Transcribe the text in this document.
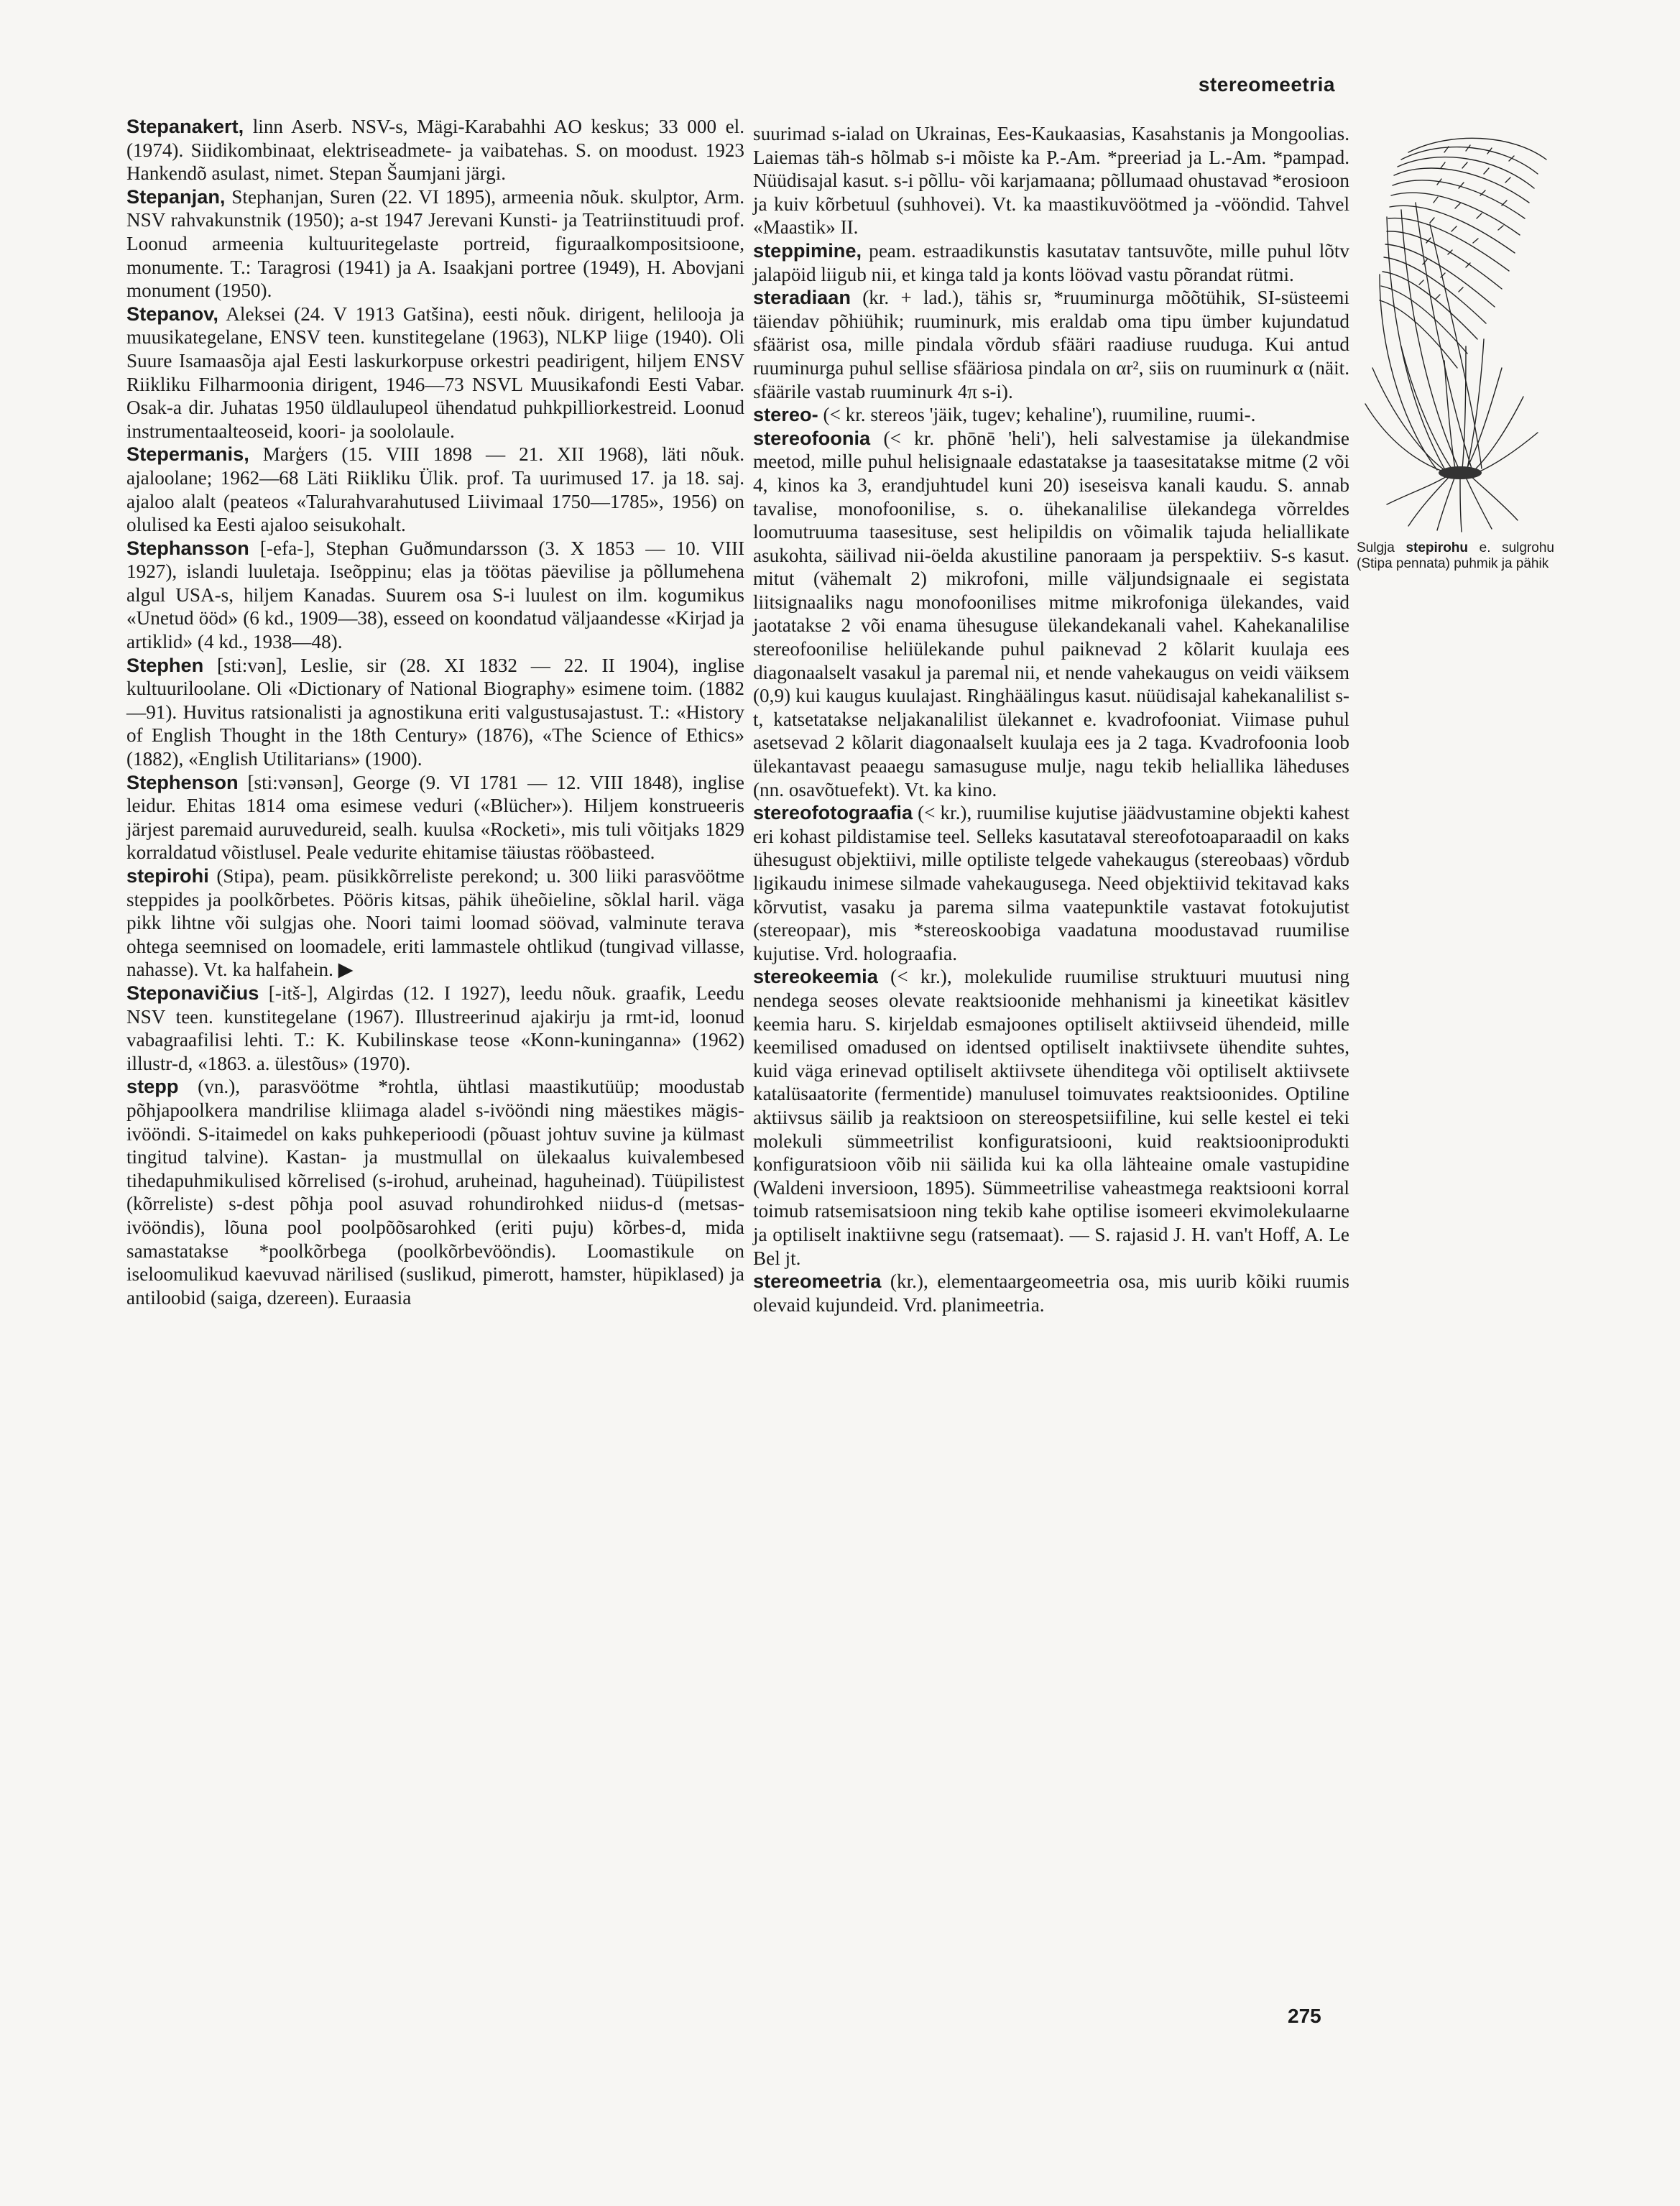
stereomeetria

Stepanakert, linn Aserb. NSV-s, Mägi-Karabahhi AO keskus; 33 000 el. (1974). Siidikombinaat, elektriseadmete- ja vaibatehas. S. on moodust. 1923 Hankendõ asulast, nimet. Stepan Šaumjani järgi.

Stepanjan, Stephanjan, Suren (22. VI 1895), armeenia nõuk. skulptor, Arm. NSV rahvakunstnik (1950); a-st 1947 Jerevani Kunsti- ja Teatriinstituudi prof. Loonud armeenia kultuuritegelaste portreid, figuraalkompositsioone, monumente. T.: Taragrosi (1941) ja A. Isaakjani portree (1949), H. Abovjani monument (1950).

Stepanov, Aleksei (24. V 1913 Gatšina), eesti nõuk. dirigent, helilooja ja muusikategelane, ENSV teen. kunstitegelane (1963), NLKP liige (1940). Oli Suure Isamaasõja ajal Eesti laskurkorpuse orkestri peadirigent, hiljem ENSV Riikliku Filharmoonia dirigent, 1946—73 NSVL Muusikafondi Eesti Vabar. Osak-a dir. Juhatas 1950 üldlaulupeol ühendatud puhkpilliorkestreid. Loonud instrumentaalteoseid, koori- ja soololaule.

Stepermanis, Marģers (15. VIII 1898 — 21. XII 1968), läti nõuk. ajaloolane; 1962—68 Läti Riikliku Ülik. prof. Ta uurimused 17. ja 18. saj. ajaloo alalt (peateos «Talurahvarahutused Liivimaal 1750—1785», 1956) on olulised ka Eesti ajaloo seisukohalt.

Stephansson [-efa-], Stephan Guðmundarsson (3. X 1853 — 10. VIII 1927), islandi luuletaja. Iseõppinu; elas ja töötas päevilise ja põllumehena algul USA-s, hiljem Kanadas. Suurem osa S-i luulest on ilm. kogumikus «Unetud ööd» (6 kd., 1909—38), esseed on koondatud väljaandesse «Kirjad ja artiklid» (4 kd., 1938—48).

Stephen [sti:vən], Leslie, sir (28. XI 1832 — 22. II 1904), inglise kultuuriloolane. Oli «Dictionary of National Biography» esimene toim. (1882—91). Huvitus ratsionalisti ja agnostikuna eriti valgustusajastust. T.: «History of English Thought in the 18th Century» (1876), «The Science of Ethics» (1882), «English Utilitarians» (1900).

Stephenson [sti:vənsən], George (9. VI 1781 — 12. VIII 1848), inglise leidur. Ehitas 1814 oma esimese veduri («Blücher»). Hiljem konstrueeris järjest paremaid auruvedureid, sealh. kuulsa «Rocketi», mis tuli võitjaks 1829 korraldatud võistlusel. Peale vedurite ehitamise täiustas rööbasteed.

stepirohi (Stipa), peam. püsikkõrreliste perekond; u. 300 liiki parasvöötme steppides ja poolkõrbetes. Pööris kitsas, pähik üheõieline, sõklal haril. väga pikk lihtne või sulgjas ohe. Noori taimi loomad söövad, valminute terava ohtega seemnised on loomadele, eriti lammastele ohtlikud (tungivad villasse, nahasse). Vt. ka halfahein. ▶

Steponavičius [-itš-], Algirdas (12. I 1927), leedu nõuk. graafik, Leedu NSV teen. kunstitegelane (1967). Illustreerinud ajakirju ja rmt-id, loonud vabagraafilisi lehti. T.: K. Kubilinskase teose «Konn-kuninganna» (1962) illustr-d, «1863. a. ülestõus» (1970).

stepp (vn.), parasvöötme *rohtla, ühtlasi maastikutüüp; moodustab põhjapoolkera mandrilise kliimaga aladel s-ivööndi ning mäestikes mägis-ivööndi. S-itaimedel on kaks puhkeperioodi (põuast johtuv suvine ja külmast tingitud talvine). Kastan- ja mustmullal on ülekaalus kuivalembesed tihedapuhmikulised kõrrelised (s-irohud, aruheinad, haguheinad). Tüüpilistest (kõrreliste) s-dest põhja pool asuvad rohundirohked niidus-d (metsas-ivööndis), lõuna pool poolpõõsarohked (eriti puju) kõrbes-d, mida samastatakse *poolkõrbega (poolkõrbevööndis). Loomastikule on iseloomulikud kaevuvad närilised (suslikud, pimerott, hamster, hüpiklased) ja antiloobid (saiga, dzereen). Euraasia

suurimad s-ialad on Ukrainas, Ees-Kaukaasias, Kasahstanis ja Mongoolias. Laiemas täh-s hõlmab s-i mõiste ka P.-Am. *preeriad ja L.-Am. *pampad. Nüüdisajal kasut. s-i põllu- või karjamaana; põllumaad ohustavad *erosioon ja kuiv kõrbetuul (suhhovei). Vt. ka maastikuvöötmed ja -vööndid. Tahvel «Maastik» II.

steppimine, peam. estraadikunstis kasutatav tantsuvõte, mille puhul lõtv jalapöid liigub nii, et kinga tald ja konts löövad vastu põrandat rütmi.

steradiaan (kr. + lad.), tähis sr, *ruuminurga mõõtühik, SI-süsteemi täiendav põhiühik; ruuminurk, mis eraldab oma tipu ümber kujundatud sfäärist osa, mille pindala võrdub sfääri raadiuse ruuduga. Kui antud ruuminurga puhul sellise sfääriosa pindala on αr², siis on ruuminurk α (näit. sfäärile vastab ruuminurk 4π s-i).

stereo- (< kr. stereos 'jäik, tugev; kehaline'), ruumiline, ruumi-.

stereofoonia (< kr. phōnē 'heli'), heli salvestamise ja ülekandmise meetod, mille puhul helisignaale edastatakse ja taasesitatakse mitme (2 või 4, kinos ka 3, erandjuhtudel kuni 20) iseseisva kanali kaudu. S. annab tavalise, monofoonilise, s. o. ühekanalilise ülekandega võrreldes loomutruuma taasesituse, sest helipildis on võimalik tajuda heliallikate asukohta, säilivad nii-öelda akustiline panoraam ja perspektiiv. S-s kasut. mitut (vähemalt 2) mikrofoni, mille väljundsignaale ei segistata liitsignaaliks nagu monofoonilises mitme mikrofoniga ülekandes, vaid jaotatakse 2 või enama ühesuguse ülekandekanali vahel. Kahekanalilise stereofoonilise heliülekande puhul paiknevad 2 kõlarit kuulaja ees diagonaalselt vasakul ja paremal nii, et nende vahekaugus on veidi väiksem (0,9) kui kaugus kuulajast. Ringhäälingus kasut. nüüdisajal kahekanalilist s-t, katsetatakse neljakanalilist ülekannet e. kvadrofooniat. Viimase puhul asetsevad 2 kõlarit diagonaalselt kuulaja ees ja 2 taga. Kvadrofoonia loob ülekantavast peaaegu samasuguse mulje, nagu tekib heliallika läheduses (nn. osavõtuefekt). Vt. ka kino.

stereofotograafia (< kr.), ruumilise kujutise jäädvustamine objekti kahest eri kohast pildistamise teel. Selleks kasutataval stereofotoaparaadil on kaks ühesugust objektiivi, mille optiliste telgede vahekaugus (stereobaas) võrdub ligikaudu inimese silmade vahekaugusega. Need objektiivid tekitavad kaks kõrvutist, vasaku ja parema silma vaatepunktile vastavat fotokujutist (stereopaar), mis *stereoskoobiga vaadatuna moodustavad ruumilise kujutise. Vrd. holograafia.

stereokeemia (< kr.), molekulide ruumilise struktuuri muutusi ning nendega seoses olevate reaktsioonide mehhanismi ja kineetikat käsitlev keemia haru. S. kirjeldab esmajoones optiliselt aktiivseid ühendeid, mille keemilised omadused on identsed optiliselt inaktiivsete ühendite suhtes, kuid väga erinevad optiliselt aktiivsete ühenditega või optiliselt aktiivsete katalüsaatorite (fermentide) manulusel toimuvates reaktsioonides. Optiline aktiivsus säilib ja reaktsioon on stereospetsiifiline, kui selle kestel ei teki molekuli sümmeetrilist konfiguratsiooni, kuid reaktsiooniprodukti konfiguratsioon võib nii säilida kui ka olla lähteaine omale vastupidine (Waldeni inversioon, 1895). Sümmeetrilise vaheastmega reaktsiooni korral toimub ratsemisatsioon ning tekib kahe optilise isomeeri ekvimolekulaarne ja optiliselt inaktiivne segu (ratsemaat). — S. rajasid J. H. van't Hoff, A. Le Bel jt.

stereomeetria (kr.), elementaargeomeetria osa, mis uurib kõiki ruumis olevaid kujundeid. Vrd. planimeetria.

Sulgja stepirohu e. sulgrohu (Stipa pennata) puhmik ja pähik
275
